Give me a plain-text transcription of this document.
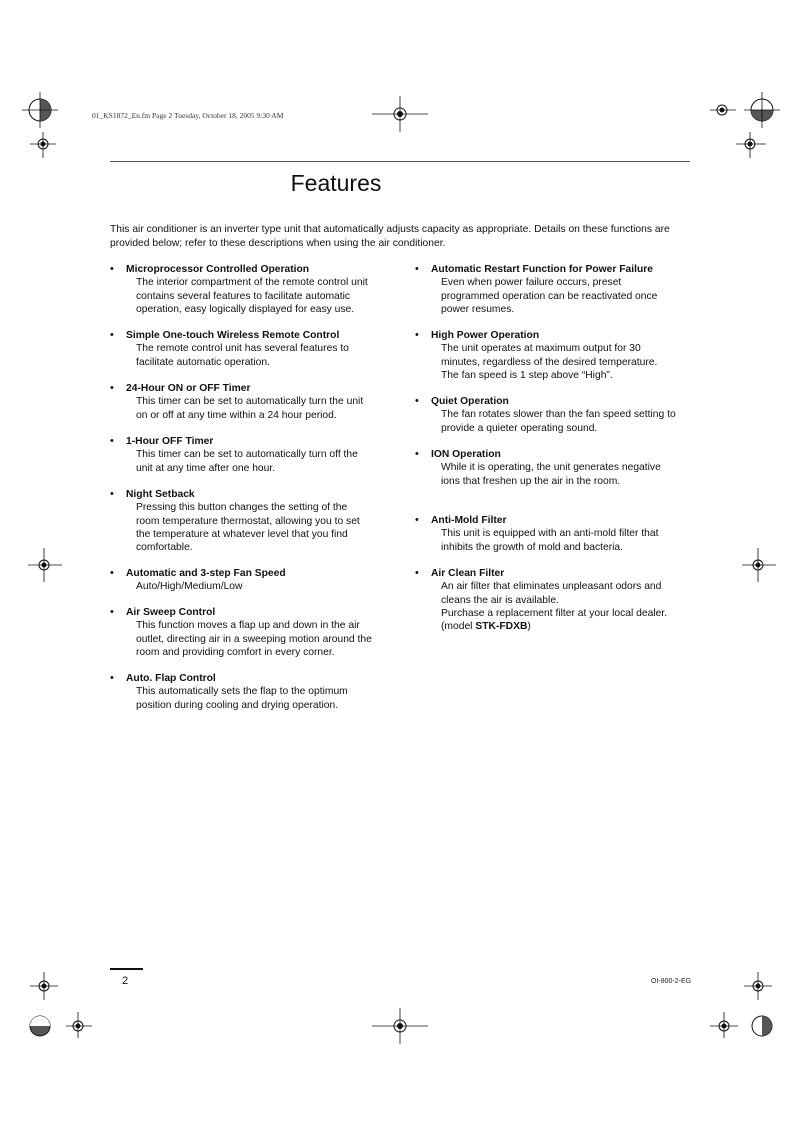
01_KS1872_En.fm Page 2 Tuesday, October 18, 2005 9:30 AM
Features

This air conditioner is an inverter type unit that automatically adjusts capacity as appropriate. Details on these functions are provided below; refer to these descriptions when using the air conditioner.

• Microprocessor Controlled Operation

The interior compartment of the remote control unit
contains several features to facilitate automatic
operation, easy logically displayed for easy use.

• Simple One-touch Wireless Remote Control

The remote control unit has several features to
facilitate automatic operation.

• 24-Hour ON or OFF Timer

This timer can be set to automatically turn the unit
on or off at any time within a 24 hour period.

• 1-Hour OFF Timer

This timer can be set to automatically turn off the
unit at any time after one hour.

• Night Setback

Pressing this button changes the setting of the
room temperature thermostat, allowing you to set
the temperature at whatever level that you find
comfortable.

• Automatic and 3-step Fan Speed

Auto/High/Medium/Low

• Air Sweep Control

This function moves a flap up and down in the air
outlet, directing air in a sweeping motion around the
room and providing comfort in every corner.

• Auto. Flap Control

This automatically sets the flap to the optimum
position during cooling and drying operation.

• Automatic Restart Function for Power Failure

Even when power failure occurs, preset
programmed operation can be reactivated once
power resumes.

• High Power Operation

The unit operates at maximum output for 30
minutes, regardless of the desired temperature.
The fan speed is 1 step above “High”.

• Quiet Operation

The fan rotates slower than the fan speed setting to
provide a quieter operating sound.

• ION Operation

While it is operating, the unit generates negative
ions that freshen up the air in the room.

• Anti-Mold Filter

This unit is equipped with an anti-mold filter that
inhibits the growth of mold and bacteria.

• Air Clean Filter

An air filter that eliminates unpleasant odors and
cleans the air is available.
Purchase a replacement filter at your local dealer.
(model STK-FDXB)

2	OI-800-2-EG
